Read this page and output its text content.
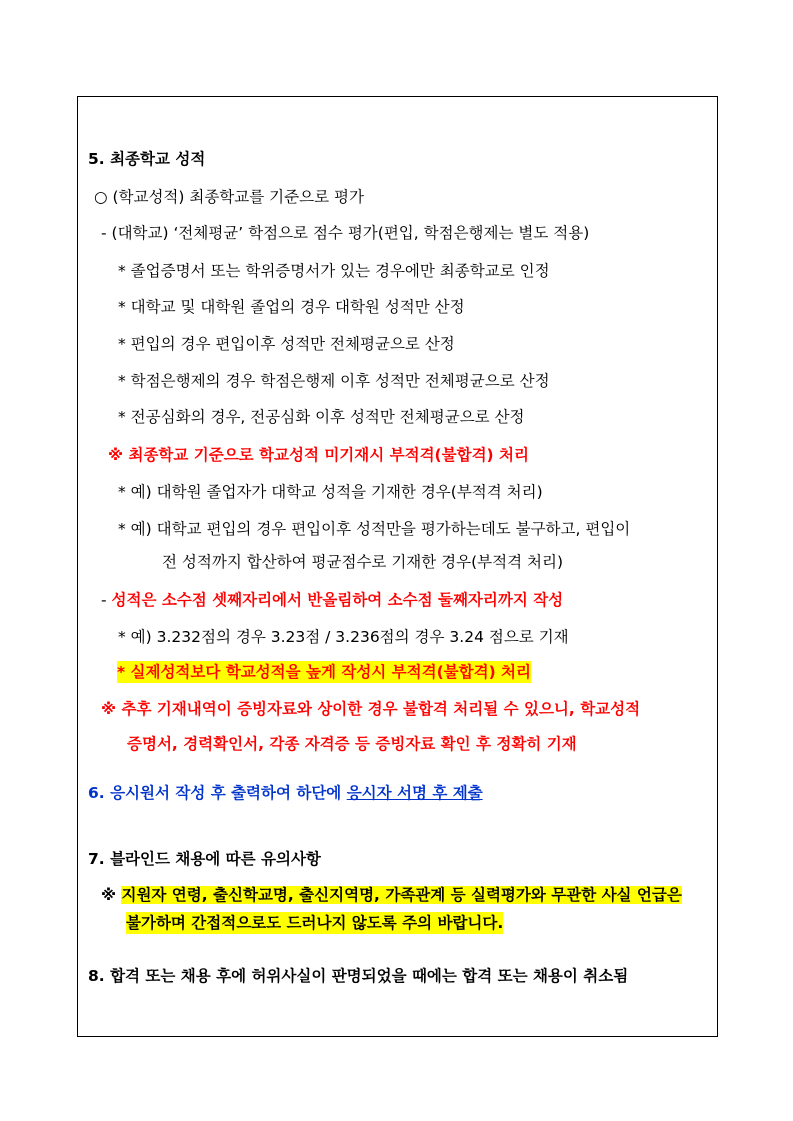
5. 최종학교 성적
○ (학교성적) 최종학교를 기준으로 평가
- (대학교) ‘전체평균’ 학점으로 점수 평가(편입, 학점은행제는 별도 적용)
* 졸업증명서 또는 학위증명서가 있는 경우에만 최종학교로 인정
* 대학교 및 대학원 졸업의 경우 대학원 성적만 산정
* 편입의 경우 편입이후 성적만 전체평균으로 산정
* 학점은행제의 경우 학점은행제 이후 성적만 전체평균으로 산정
* 전공심화의 경우, 전공심화 이후 성적만 전체평균으로 산정
※ 최종학교 기준으로 학교성적 미기재시 부적격(불합격) 처리
* 예) 대학원 졸업자가 대학교 성적을 기재한 경우(부적격 처리)
* 예) 대학교 편입의 경우 편입이후 성적만을 평가하는데도 불구하고, 편입이
전 성적까지 합산하여 평균점수로 기재한 경우(부적격 처리)
- 성적은 소수점 셋째자리에서 반올림하여 소수점 둘째자리까지 작성
* 예) 3.232점의 경우 3.23점 / 3.236점의 경우 3.24 점으로 기재
* 실제성적보다 학교성적을 높게 작성시 부적격(불합격) 처리
※ 추후 기재내역이 증빙자료와 상이한 경우 불합격 처리될 수 있으니, 학교성적
증명서, 경력확인서, 각종 자격증 등 증빙자료 확인 후 정확히 기재
6. 응시원서 작성 후 출력하여 하단에 응시자 서명 후 제출
7. 블라인드 채용에 따른 유의사항
※ 지원자 연령, 출신학교명, 출신지역명, 가족관계 등 실력평가와 무관한 사실 언급은
불가하며 간접적으로도 드러나지 않도록 주의 바랍니다.
8. 합격 또는 채용 후에 허위사실이 판명되었을 때에는 합격 또는 채용이 취소됨
